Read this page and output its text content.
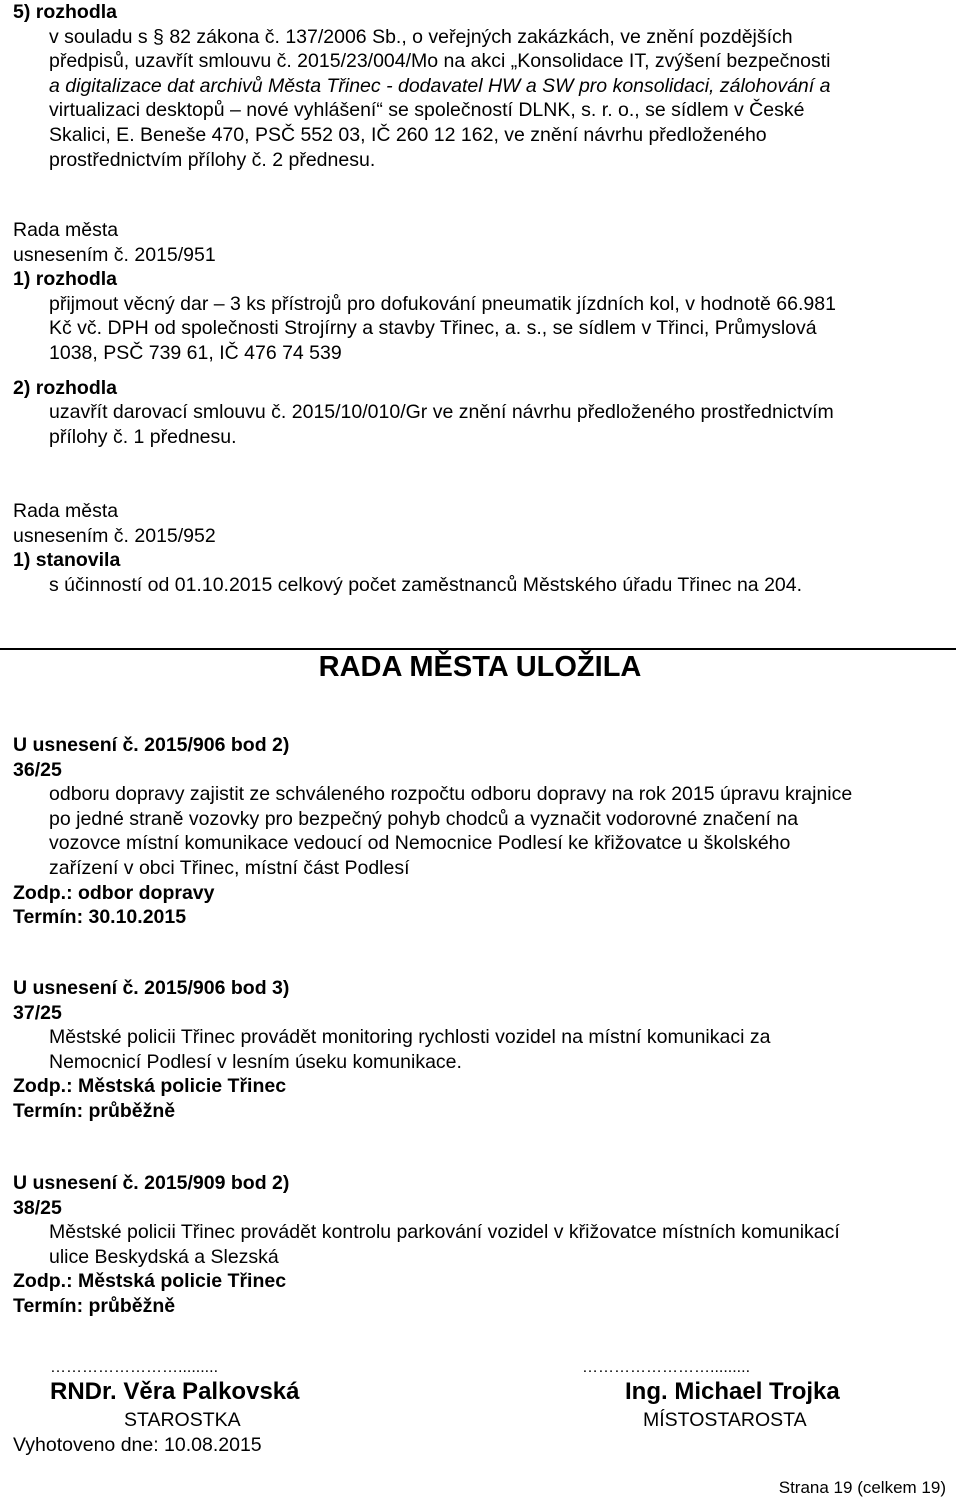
5) rozhodla
v souladu s § 82 zákona č. 137/2006 Sb., o veřejných zakázkách, ve znění pozdějších
předpisů, uzavřít smlouvu č. 2015/23/004/Mo na akci „Konsolidace IT, zvýšení bezpečnosti
a digitalizace dat archivů Města Třinec - dodavatel HW a SW pro konsolidaci, zálohování a
virtualizaci desktopů – nové vyhlášení“ se společností DLNK, s. r. o., se sídlem v České
Skalici, E. Beneše 470, PSČ 552 03, IČ 260 12 162, ve znění návrhu předloženého
prostřednictvím přílohy č. 2 přednesu.
Rada města
usnesením č. 2015/951
1) rozhodla
přijmout věcný dar – 3 ks přístrojů pro dofukování pneumatik jízdních kol, v hodnotě 66.981
Kč vč. DPH od společnosti Strojírny a stavby Třinec, a. s., se sídlem v Třinci, Průmyslová
1038, PSČ 739 61, IČ 476 74 539
2) rozhodla
uzavřít darovací smlouvu č. 2015/10/010/Gr ve znění návrhu předloženého prostřednictvím
přílohy č. 1 přednesu.
Rada města
usnesením č. 2015/952
1) stanovila
s účinností od 01.10.2015 celkový počet zaměstnanců Městského úřadu Třinec na 204.
RADA MĚSTA ULOŽILA
U usnesení č. 2015/906 bod 2)
36/25
odboru dopravy zajistit ze schváleného rozpočtu odboru dopravy na rok 2015 úpravu krajnice
po jedné straně vozovky pro bezpečný pohyb chodců a vyznačit vodorovné značení na
vozovce místní komunikace vedoucí od Nemocnice Podlesí ke křižovatce u školského
zařízení v obci Třinec, místní část Podlesí
Zodp.: odbor dopravy
Termín: 30.10.2015
U usnesení č. 2015/906 bod 3)
37/25
Městské policii Třinec provádět monitoring rychlosti vozidel na místní komunikaci za
Nemocnicí Podlesí v lesním úseku komunikace.
Zodp.: Městská policie Třinec
Termín: průběžně
U usnesení č. 2015/909 bod 2)
38/25
Městské policii Třinec provádět kontrolu parkování vozidel v křižovatce místních komunikací
ulice Beskydská a Slezská
Zodp.: Městská policie Třinec
Termín: průběžně
…………………….........	…………………….........
RNDr. Věra Palkovská	Ing. Michael Trojka
STAROSTKA	MÍSTOSTAROSTA
Vyhotoveno dne: 10.08.2015
Strana 19 (celkem 19)
